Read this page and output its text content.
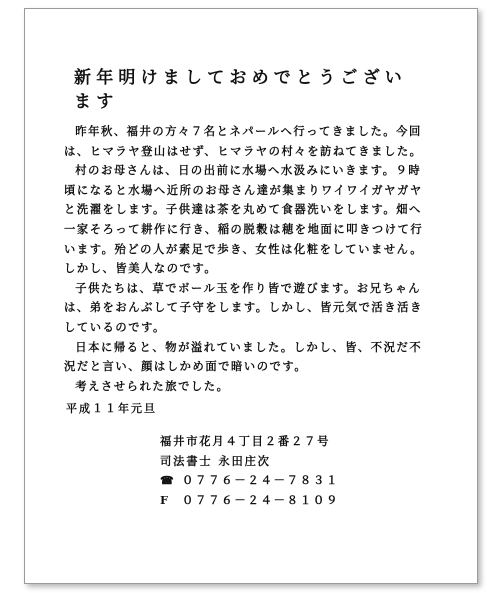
新年明けましておめでとうございます

昨年秋、福井の方々７名とネパールへ行ってきました。今回は、ヒマラヤ登山はせず、ヒマラヤの村々を訪ねてきました。

村のお母さんは、日の出前に水場へ水汲みにいきます。９時頃になると水場へ近所のお母さん達が集まりワイワイガヤガヤと洗濯をします。子供達は茶を丸めて食器洗いをします。畑へ一家そろって耕作に行き、稲の脱穀は穂を地面に叩きつけて行います。殆どの人が素足で歩き、女性は化粧をしていません。しかし、皆美人なのです。

子供たちは、草でボール玉を作り皆で遊びます。お兄ちゃんは、弟をおんぶして子守をします。しかし、皆元気で活き活きしているのです。

日本に帰ると、物が溢れていました。しかし、皆、不況だ不況だと言い、顔はしかめ面で暗いのです。

考えさせられた旅でした。

平成１１年元旦
福井市花月４丁目２番２７号
司法書士 永田庄次
☎ ０７７６－２４－７８３１
F ０７７６－２４－８１０９
